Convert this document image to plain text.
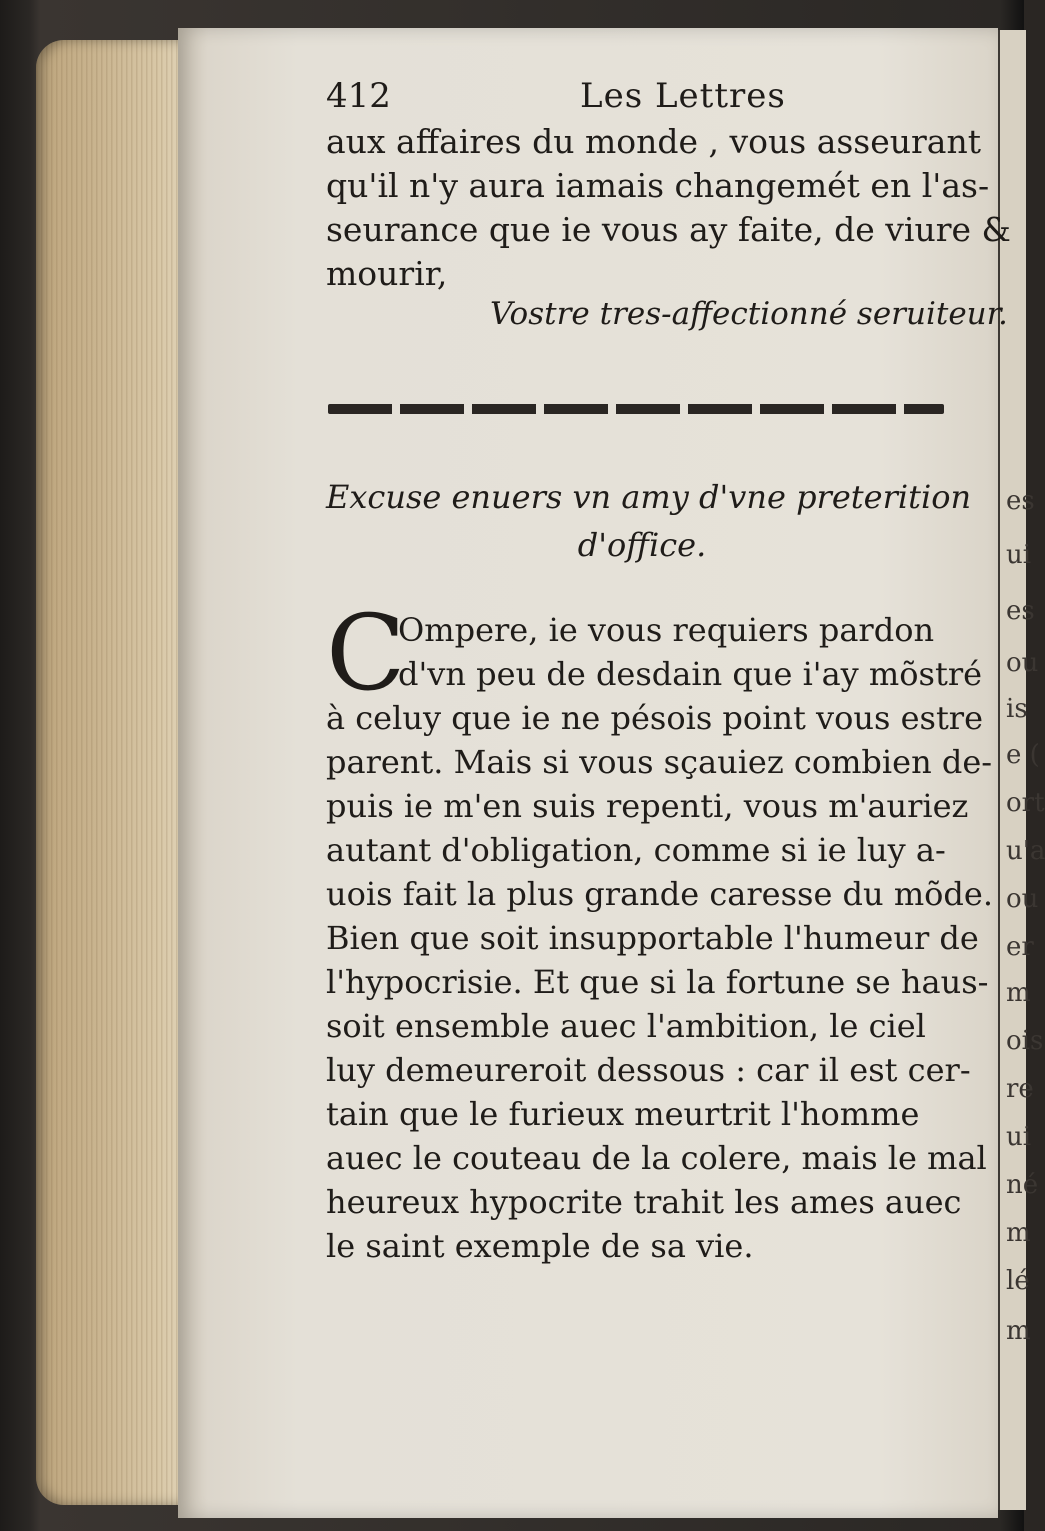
es
ui
es
ou
is
e (
ort
u'a
ou
er
m
ois
re
ui
né
m
lé
m
412	Les Lettres
aux affaires du monde , vous asseurant
qu'il n'y aura iamais changemét en l'as-
seurance que ie vous ay faite, de viure &
mourir,
Vostre tres-affectionné seruiteur.
Excuse enuers vn amy d'vne preterition
d'office.
C
Ompere, ie vous requiers pardon
d'vn peu de desdain que i'ay mõstré
à celuy que ie ne pésois point vous estre
parent. Mais si vous sçauiez combien de-
puis ie m'en suis repenti, vous m'auriez
autant d'obligation, comme si ie luy a-
uois fait la plus grande caresse du mõde.
Bien que soit insupportable l'humeur de
l'hypocrisie. Et que si la fortune se haus-
soit ensemble auec l'ambition, le ciel
luy demeureroit dessous : car il est cer-
tain que le furieux meurtrit l'homme
auec le couteau de la colere, mais le mal
heureux hypocrite trahit les ames auec
le saint exemple de sa vie.
